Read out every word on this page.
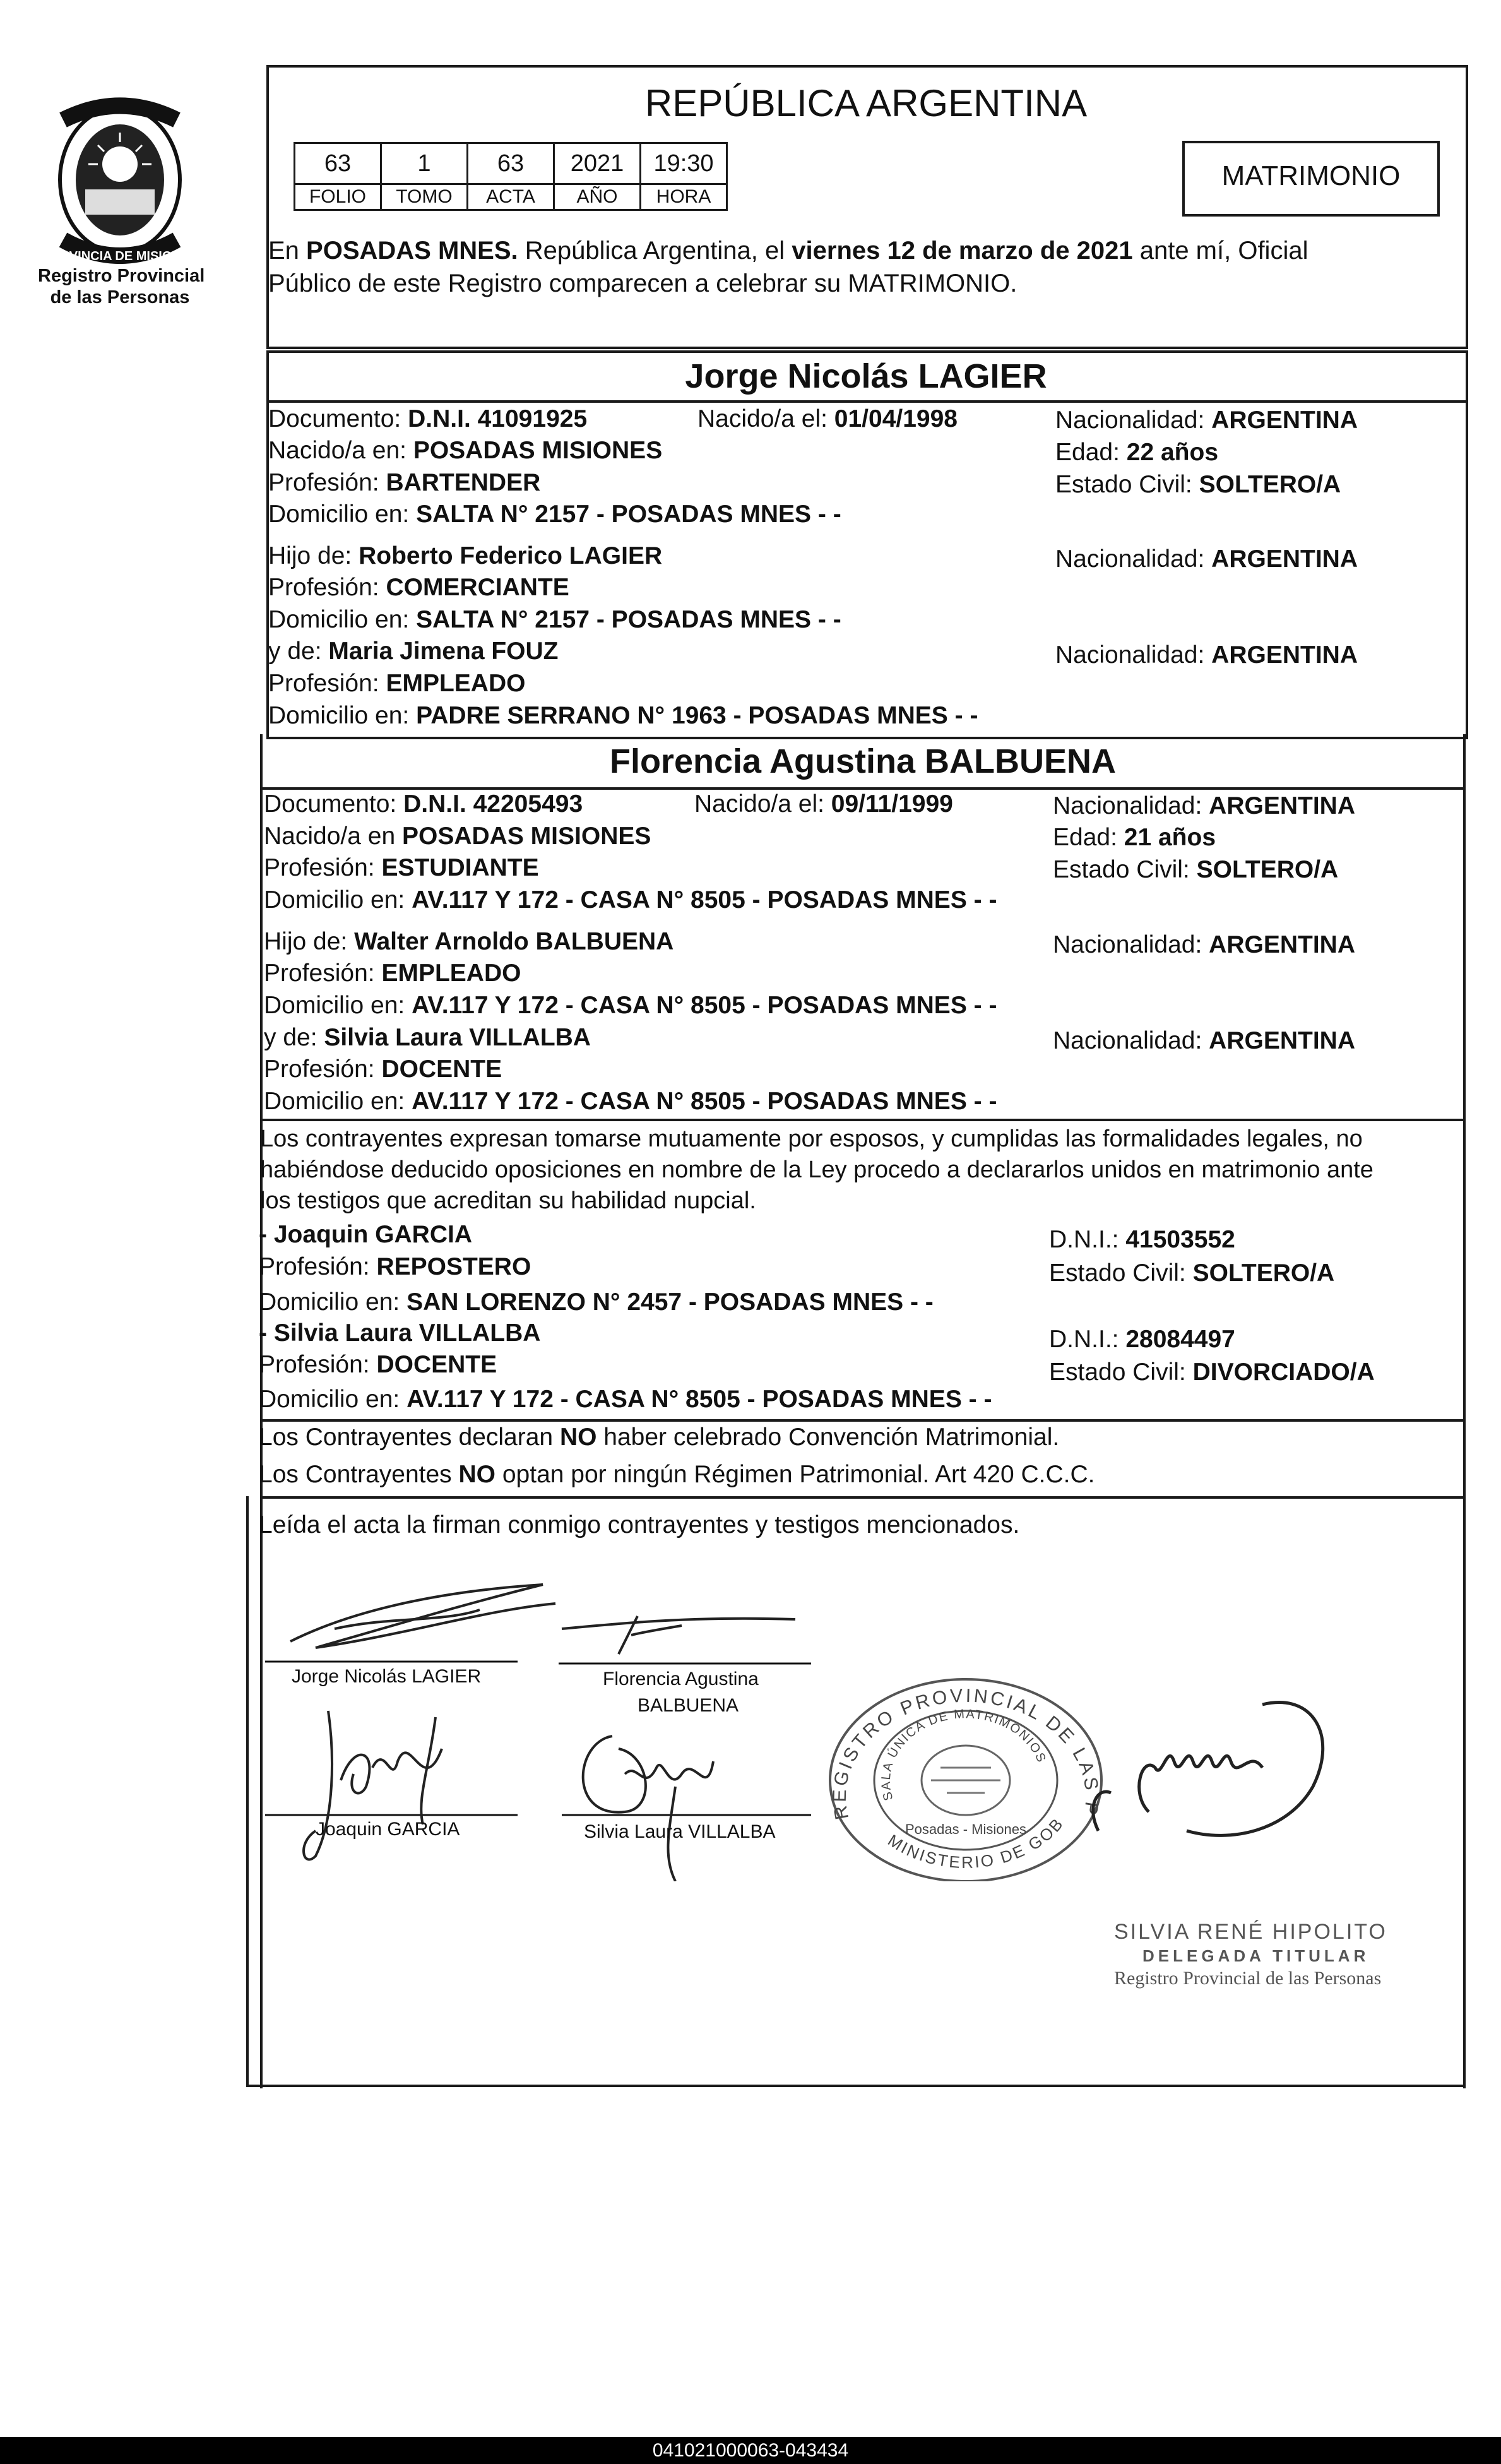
PROVINCIA DE MISIONES
Registro Provincial
de las Personas
REPÚBLICA ARGENTINA
63	1	63	2021	19:30
FOLIO	TOMO	ACTA	AÑO	HORA
MATRIMONIO
En POSADAS MNES. República Argentina, el viernes 12 de marzo de 2021 ante mí, Oficial
Público de este Registro comparecen a celebrar su MATRIMONIO.
Jorge Nicolás LAGIER
Documento: D.N.I. 41091925	Nacido/a el: 01/04/1998	Nacionalidad: ARGENTINA
Nacido/a en: POSADAS MISIONES	Edad: 22 años
Profesión: BARTENDER	Estado Civil: SOLTERO/A
Domicilio en: SALTA N° 2157 - POSADAS MNES - -
Hijo de: Roberto Federico LAGIER	Nacionalidad: ARGENTINA
Profesión: COMERCIANTE
Domicilio en: SALTA N° 2157 - POSADAS MNES - -
y de: Maria Jimena FOUZ	Nacionalidad: ARGENTINA
Profesión: EMPLEADO
Domicilio en: PADRE SERRANO N° 1963 - POSADAS MNES - -
Florencia Agustina BALBUENA
Documento: D.N.I. 42205493	Nacido/a el: 09/11/1999	Nacionalidad: ARGENTINA
Nacido/a en POSADAS MISIONES	Edad: 21 años
Profesión: ESTUDIANTE	Estado Civil: SOLTERO/A
Domicilio en: AV.117 Y 172 - CASA N° 8505 - POSADAS MNES - -
Hijo de: Walter Arnoldo BALBUENA	Nacionalidad: ARGENTINA
Profesión: EMPLEADO
Domicilio en: AV.117 Y 172 - CASA N° 8505 - POSADAS MNES - -
y de: Silvia Laura VILLALBA	Nacionalidad: ARGENTINA
Profesión: DOCENTE
Domicilio en: AV.117 Y 172 - CASA N° 8505 - POSADAS MNES - -
Los contrayentes expresan tomarse mutuamente por esposos, y cumplidas las formalidades legales, no
habiéndose deducido oposiciones en nombre de la Ley procedo a declararlos unidos en matrimonio ante
los testigos que acreditan su habilidad nupcial.
- Joaquin GARCIA	D.N.I.: 41503552
Profesión: REPOSTERO	Estado Civil: SOLTERO/A
Domicilio en: SAN LORENZO N° 2457 - POSADAS MNES - -
- Silvia Laura VILLALBA	D.N.I.: 28084497
Profesión: DOCENTE	Estado Civil: DIVORCIADO/A
Domicilio en: AV.117 Y 172 - CASA N° 8505 - POSADAS MNES - -
Los Contrayentes declaran NO haber celebrado Convención Matrimonial.
Los Contrayentes NO optan por ningún Régimen Patrimonial. Art 420 C.C.C.
Leída el acta la firman conmigo contrayentes y testigos mencionados.
Jorge Nicolás LAGIER	Florencia Agustina
BALBUENA
Joaquin GARCIA	Silvia Laura VILLALBA
REGISTRO PROVINCIAL DE LAS P
SALA ÚNICA DE MATRIMONIOS
MINISTERIO DE GOB
Posadas - Misiones
SILVIA RENÉ HIPOLITO
DELEGADA TITULAR
Registro Provincial de las Personas
041021000063-043434
